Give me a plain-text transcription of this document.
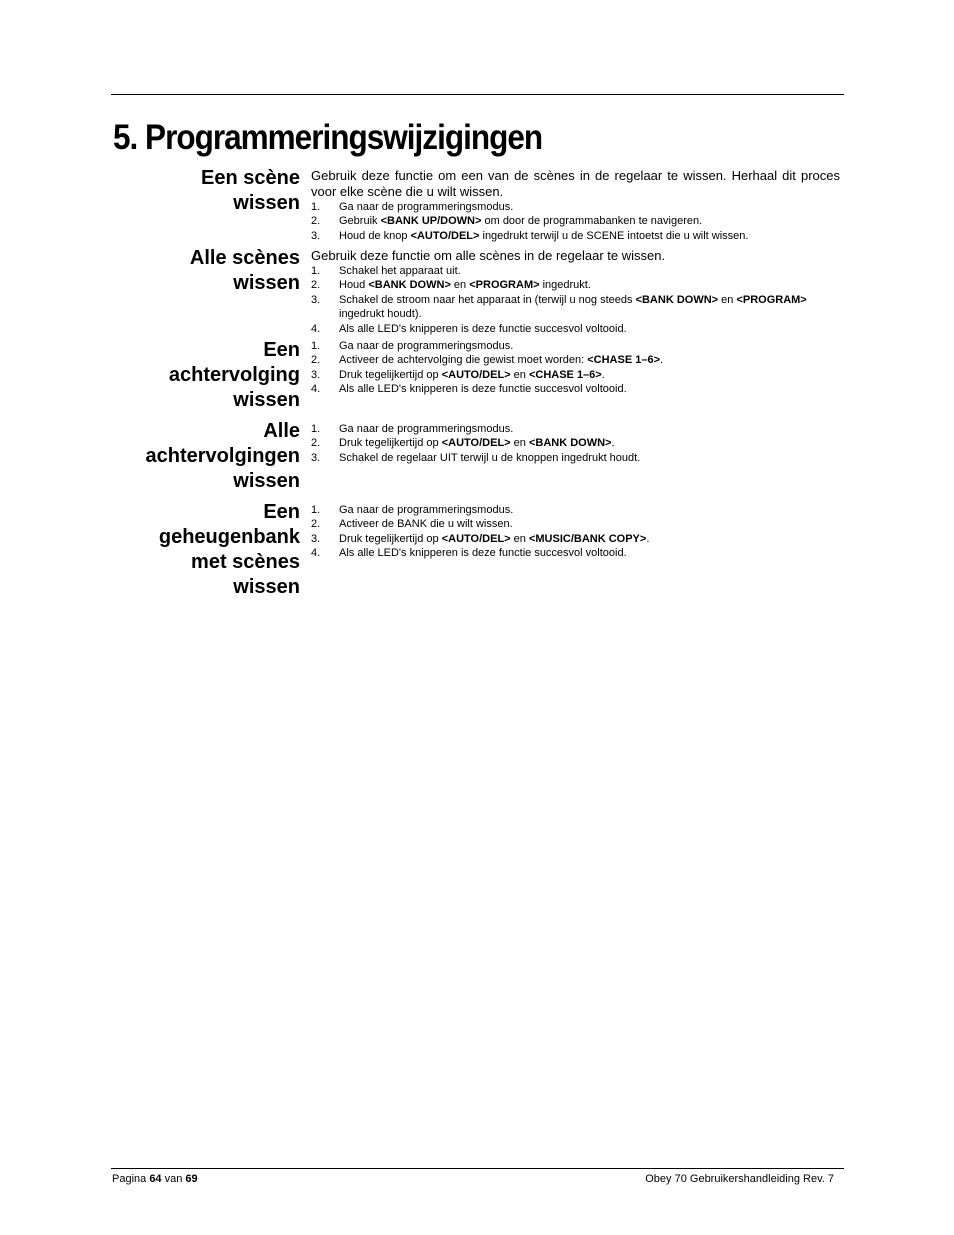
5. Programmeringswijzigingen
Een scène
wissen

Gebruik deze functie om een van de scènes in de regelaar te wissen. Herhaal dit proces voor elke scène die u wilt wissen.

1. Ga naar de programmeringsmodus.
2. Gebruik <BANK UP/DOWN> om door de programmabanken te navigeren.
3. Houd de knop <AUTO/DEL> ingedrukt terwijl u de SCENE intoetst die u wilt wissen.
Alle scènes
wissen

Gebruik deze functie om alle scènes in de regelaar te wissen.

1. Schakel het apparaat uit.
2. Houd <BANK DOWN> en <PROGRAM> ingedrukt.
3. Schakel de stroom naar het apparaat in (terwijl u nog steeds <BANK DOWN> en <PROGRAM> ingedrukt houdt).
4. Als alle LED's knipperen is deze functie succesvol voltooid.
Een
achtervolging
wissen
1. Ga naar de programmeringsmodus.
2. Activeer de achtervolging die gewist moet worden: <CHASE 1–6>.
3. Druk tegelijkertijd op <AUTO/DEL> en <CHASE 1–6>.
4. Als alle LED's knipperen is deze functie succesvol voltooid.
Alle
achtervolgingen
wissen
1. Ga naar de programmeringsmodus.
2. Druk tegelijkertijd op <AUTO/DEL> en <BANK DOWN>.
3. Schakel de regelaar UIT terwijl u de knoppen ingedrukt houdt.
Een
geheugenbank
met scènes
wissen
1. Ga naar de programmeringsmodus.
2. Activeer de BANK die u wilt wissen.
3. Druk tegelijkertijd op <AUTO/DEL> en <MUSIC/BANK COPY>.
4. Als alle LED's knipperen is deze functie succesvol voltooid.
Pagina 64 van 69	Obey 70 Gebruikershandleiding Rev. 7
